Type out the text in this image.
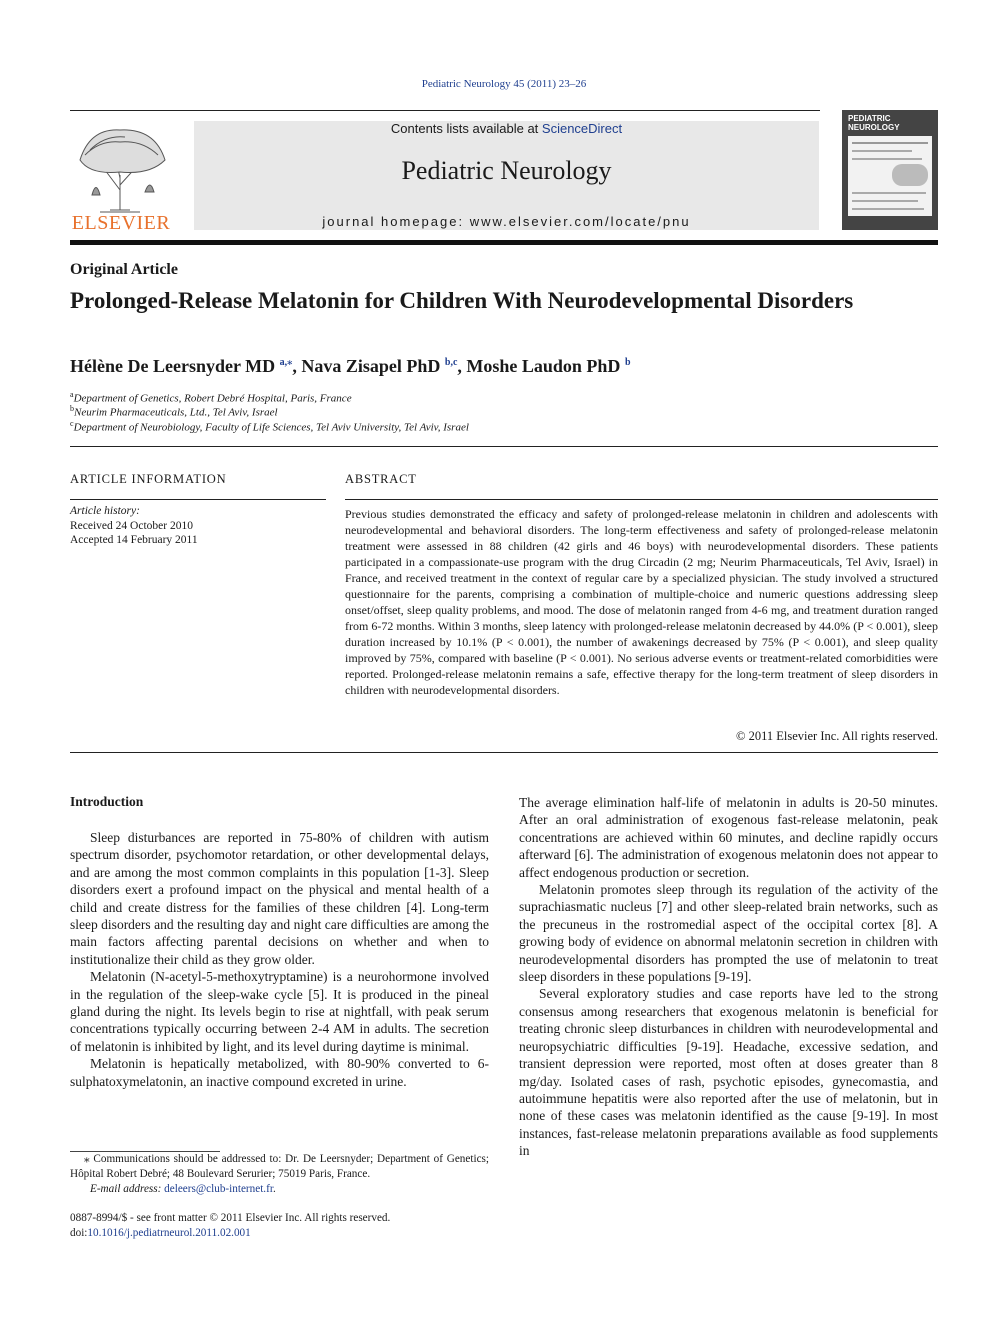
Pediatric Neurology 45 (2011) 23–26
ELSEVIER
Contents lists available at ScienceDirect
Pediatric Neurology
journal homepage: www.elsevier.com/locate/pnu
PEDIATRIC
NEUROLOGY
Original Article
Prolonged-Release Melatonin for Children With Neurodevelopmental Disorders
Hélène De Leersnyder MD $^{a,⁎}$, Nava Zisapel PhD $^{b,c}$, Moshe Laudon PhD $^b$
$^a$Department of Genetics, Robert Debré Hospital, Paris, France
$^b$Neurim Pharmaceuticals, Ltd., Tel Aviv, Israel
$^c$Department of Neurobiology, Faculty of Life Sciences, Tel Aviv University, Tel Aviv, Israel
ARTICLE INFORMATION	ABSTRACT
Article history:
Received 24 October 2010
Accepted 14 February 2011
Previous studies demonstrated the efficacy and safety of prolonged-release melatonin in children and adolescents with neurodevelopmental and behavioral disorders. The long-term effectiveness and safety of prolonged-release melatonin treatment were assessed in 88 children (42 girls and 46 boys) with neurodevelopmental disorders. These patients participated in a compassionate-use program with the drug Circadin (2 mg; Neurim Pharmaceuticals, Tel Aviv, Israel) in France, and received treatment in the context of regular care by a specialized physician. The study involved a structured questionnaire for the parents, comprising a combination of multiple-choice and numeric questions addressing sleep onset/offset, sleep quality problems, and mood. The dose of melatonin ranged from 4-6 mg, and treatment duration ranged from 6-72 months. Within 3 months, sleep latency with prolonged-release melatonin decreased by 44.0% (P < 0.001), sleep duration increased by 10.1% (P < 0.001), the number of awakenings decreased by 75% (P < 0.001), and sleep quality improved by 75%, compared with baseline (P < 0.001). No serious adverse events or treatment-related comorbidities were reported. Prolonged-release melatonin remains a safe, effective therapy for the long-term treatment of sleep disorders in children with neurodevelopmental disorders.
© 2011 Elsevier Inc. All rights reserved.
Introduction

Sleep disturbances are reported in 75-80% of children with autism spectrum disorder, psychomotor retardation, or other developmental delays, and are among the most common complaints in this population [1-3]. Sleep disorders exert a profound impact on the physical and mental health of a child and create distress for the families of these children [4]. Long-term sleep disorders and the resulting day and night care difficulties are among the main factors affecting parental decisions on whether and when to institutionalize their child as they grow older.

Melatonin (N-acetyl-5-methoxytryptamine) is a neurohormone involved in the regulation of the sleep-wake cycle [5]. It is produced in the pineal gland during the night. Its levels begin to rise at nightfall, with peak serum concentrations typically occurring between 2-4 AM in adults. The secretion of melatonin is inhibited by light, and its level during daytime is minimal.

Melatonin is hepatically metabolized, with 80-90% converted to 6-sulphatoxymelatonin, an inactive compound excreted in urine.

The average elimination half-life of melatonin in adults is 20-50 minutes. After an oral administration of exogenous fast-release melatonin, peak concentrations are achieved within 60 minutes, and decline rapidly occurs afterward [6]. The administration of exogenous melatonin does not appear to affect endogenous production or secretion.

Melatonin promotes sleep through its regulation of the activity of the suprachiasmatic nucleus [7] and other sleep-related brain networks, such as the precuneus in the rostromedial aspect of the occipital cortex [8]. A growing body of evidence on abnormal melatonin secretion in children with neurodevelopmental disorders has prompted the use of melatonin to treat sleep disorders in these populations [9-19].

Several exploratory studies and case reports have led to the strong consensus among researchers that exogenous melatonin is beneficial for treating chronic sleep disturbances in children with neurodevelopmental and neuropsychiatric difficulties [9-19]. Headache, excessive sedation, and transient depression were reported, most often at doses greater than 8 mg/day. Isolated cases of rash, psychotic episodes, gynecomastia, and autoimmune hepatitis were also reported after the use of melatonin, but in none of these cases was melatonin identified as the cause [9-19]. In most instances, fast-release melatonin preparations available as food supplements in

⁎ Communications should be addressed to: Dr. De Leersnyder; Department of Genetics; Hôpital Robert Debré; 48 Boulevard Serurier; 75019 Paris, France.

E-mail address: deleers@club-internet.fr.

0887-8994/$ - see front matter © 2011 Elsevier Inc. All rights reserved.
doi:10.1016/j.pediatrneurol.2011.02.001
